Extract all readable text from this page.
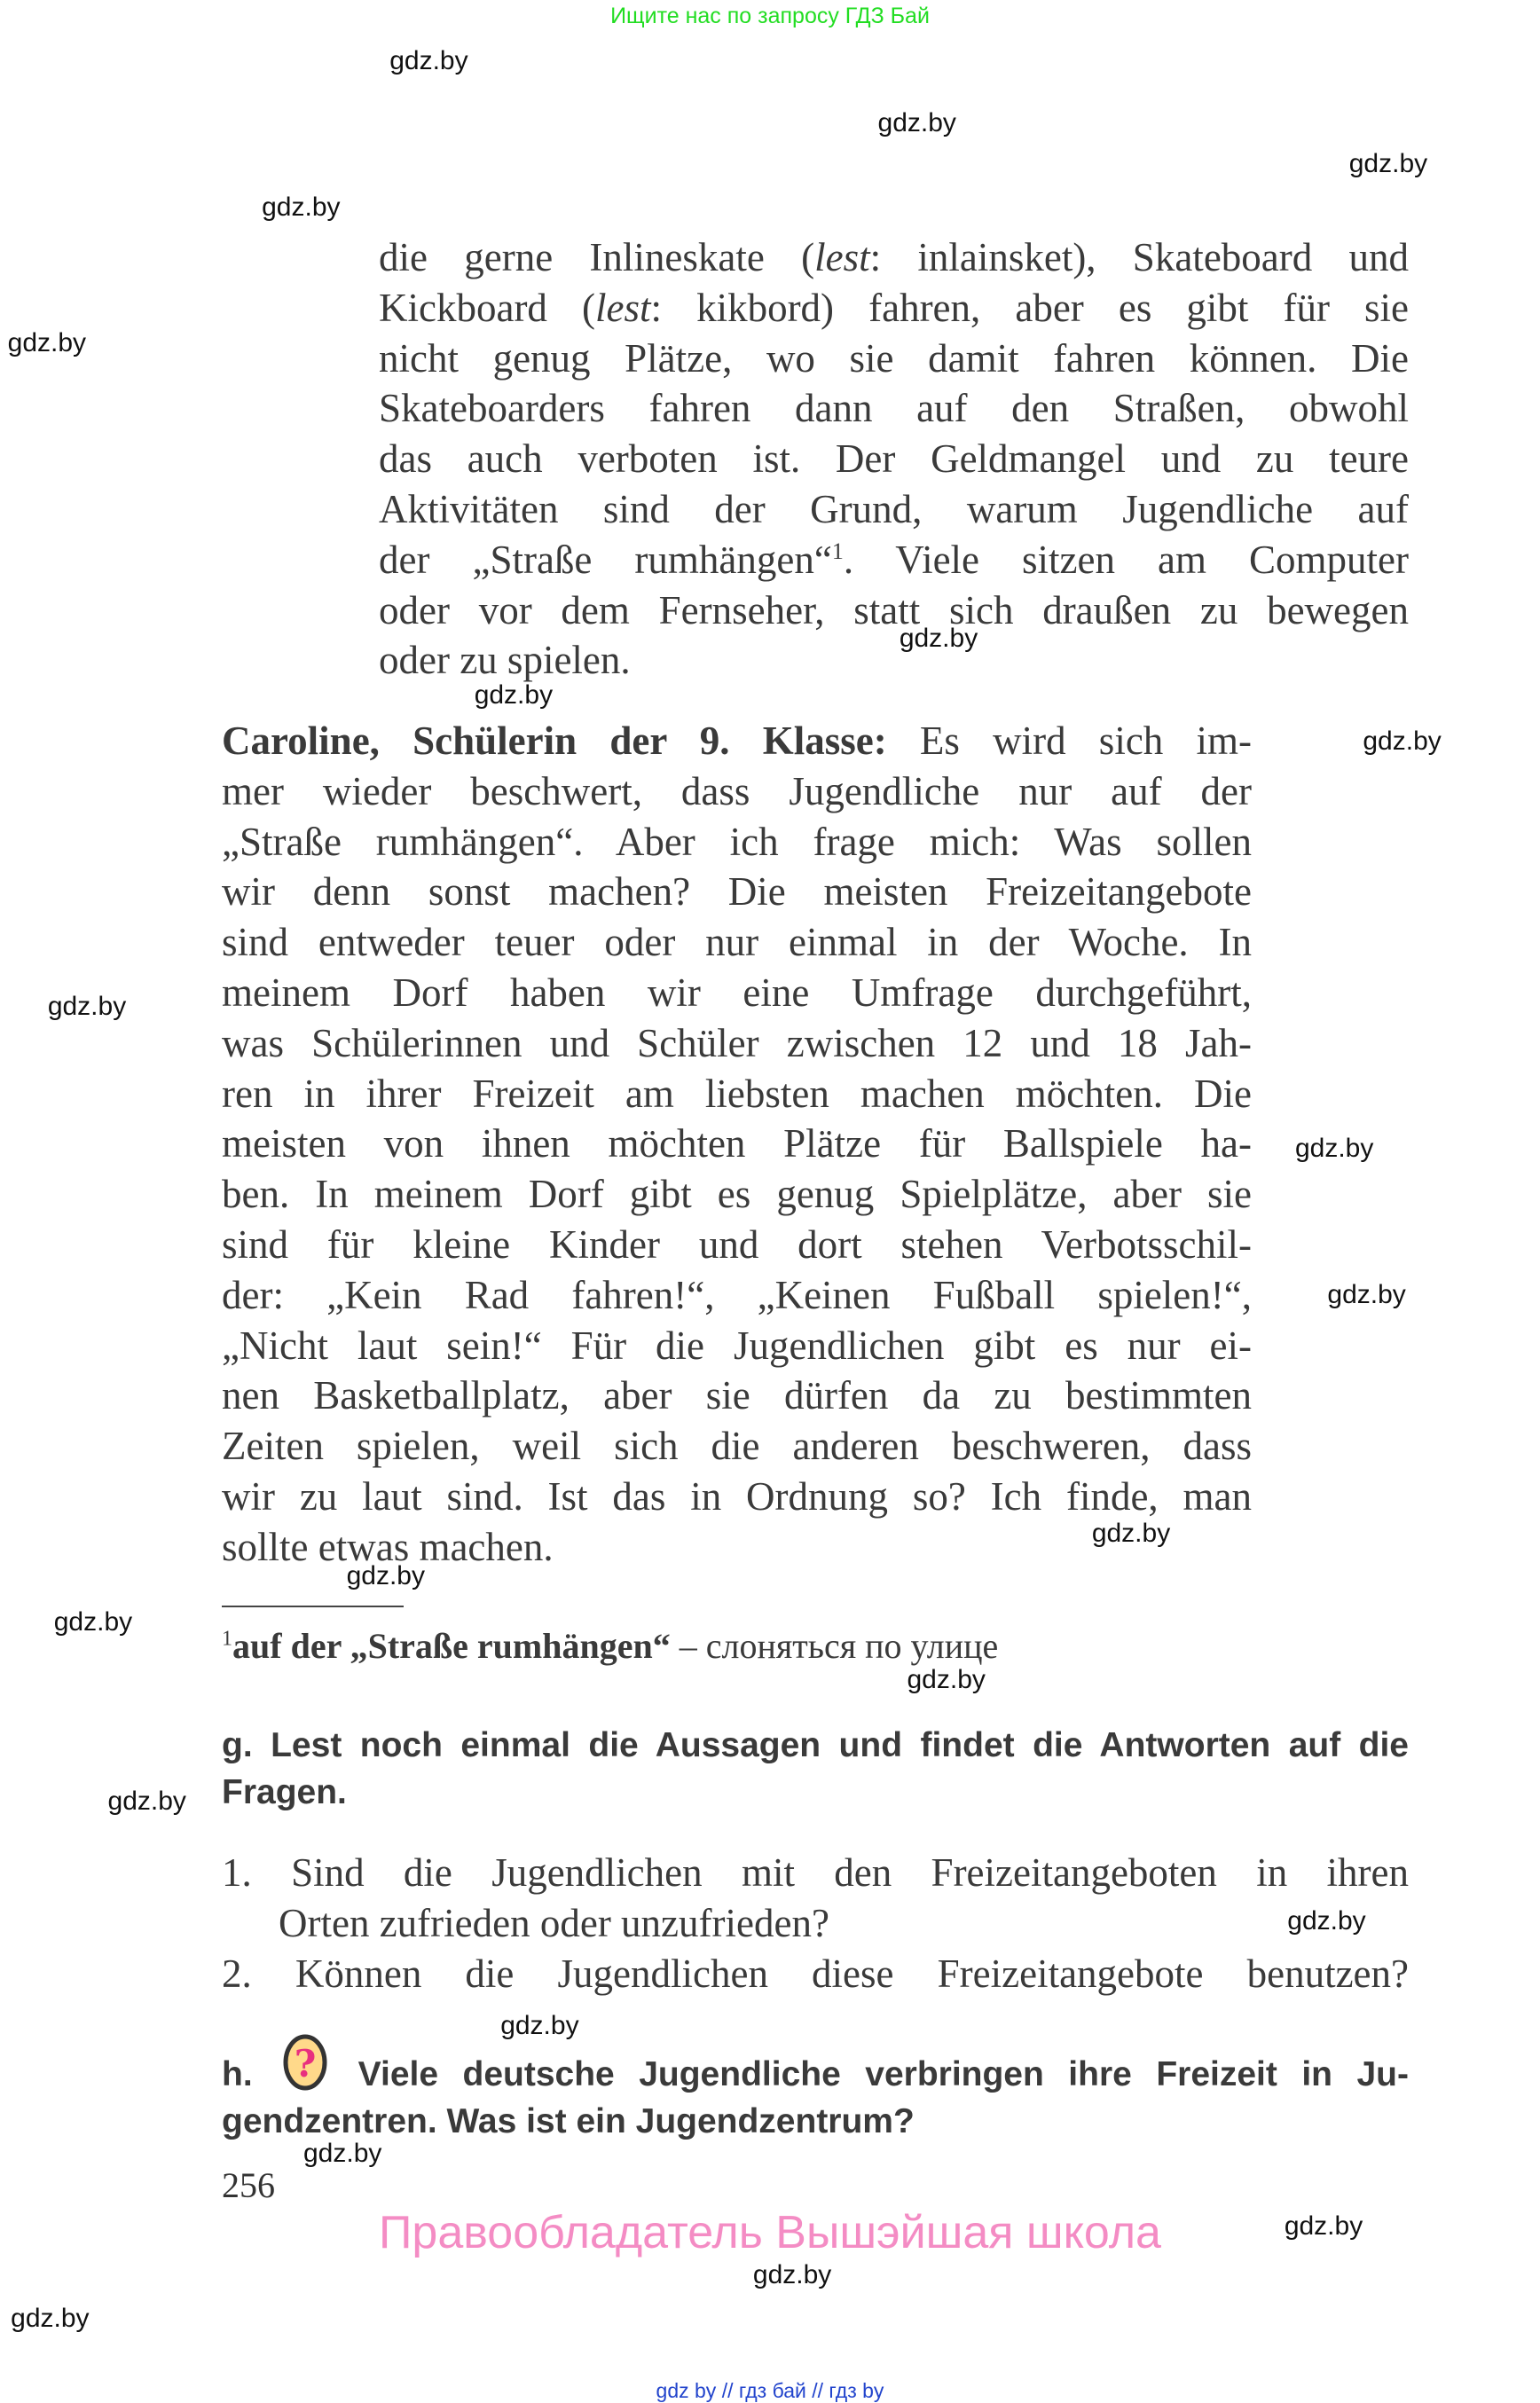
Ищите нас по запросу ГДЗ Бай
die gerne Inlineskate (lest: inlainsket), Skateboard und
Kickboard (lest: kikbord) fahren, aber es gibt für sie
nicht genug Plätze, wo sie damit fahren können. Die
Skateboarders fahren dann auf den Straßen, obwohl
das auch verboten ist. Der Geldmangel und zu teure
Aktivitäten sind der Grund, warum Jugendliche auf
der „Straße rumhängen“$^1$. Viele sitzen am Computer
oder vor dem Fernseher, statt sich draußen zu bewegen
oder zu spielen.
Caroline, Schülerin der 9. Klasse: Es wird sich im-
mer wieder beschwert, dass Jugendliche nur auf der
„Straße rumhängen“. Aber ich frage mich: Was sollen
wir denn sonst machen? Die meisten Freizeitangebote
sind entweder teuer oder nur einmal in der Woche. In
meinem Dorf haben wir eine Umfrage durchgeführt,
was Schülerinnen und Schüler zwischen 12 und 18 Jah-
ren in ihrer Freizeit am liebsten machen möchten. Die
meisten von ihnen möchten Plätze für Ballspiele ha-
ben. In meinem Dorf gibt es genug Spielplätze, aber sie
sind für kleine Kinder und dort stehen Verbotsschil-
der: „Kein Rad fahren!“, „Keinen Fußball spielen!“,
„Nicht laut sein!“ Für die Jugendlichen gibt es nur ei-
nen Basketballplatz, aber sie dürfen da zu bestimmten
Zeiten spielen, weil sich die anderen beschweren, dass
wir zu laut sind. Ist das in Ordnung so? Ich finde, man
sollte etwas machen.
$^1$auf der „Straße rumhängen“ – слоняться по улице
g. Lest noch einmal die Aussagen und findet die Antworten auf die
Fragen.
1. Sind die Jugendlichen mit den Freizeitangeboten in ihren
Orten zufrieden oder unzufrieden?
2. Können die Jugendlichen diese Freizeitangebote benutzen?
h. ? Viele deutsche Jugendliche verbringen ihre Freizeit in Ju-
gendzentren. Was ist ein Jugendzentrum?
256
Правообладатель Вышэйшая школа
gdz by // гдз бай // гдз by
gdz.by
gdz.by
gdz.by
gdz.by
gdz.by
gdz.by
gdz.by
gdz.by
gdz.by
gdz.by
gdz.by
gdz.by
gdz.by
gdz.by
gdz.by
gdz.by
gdz.by
gdz.by
gdz.by
gdz.by
gdz.by
gdz.by
